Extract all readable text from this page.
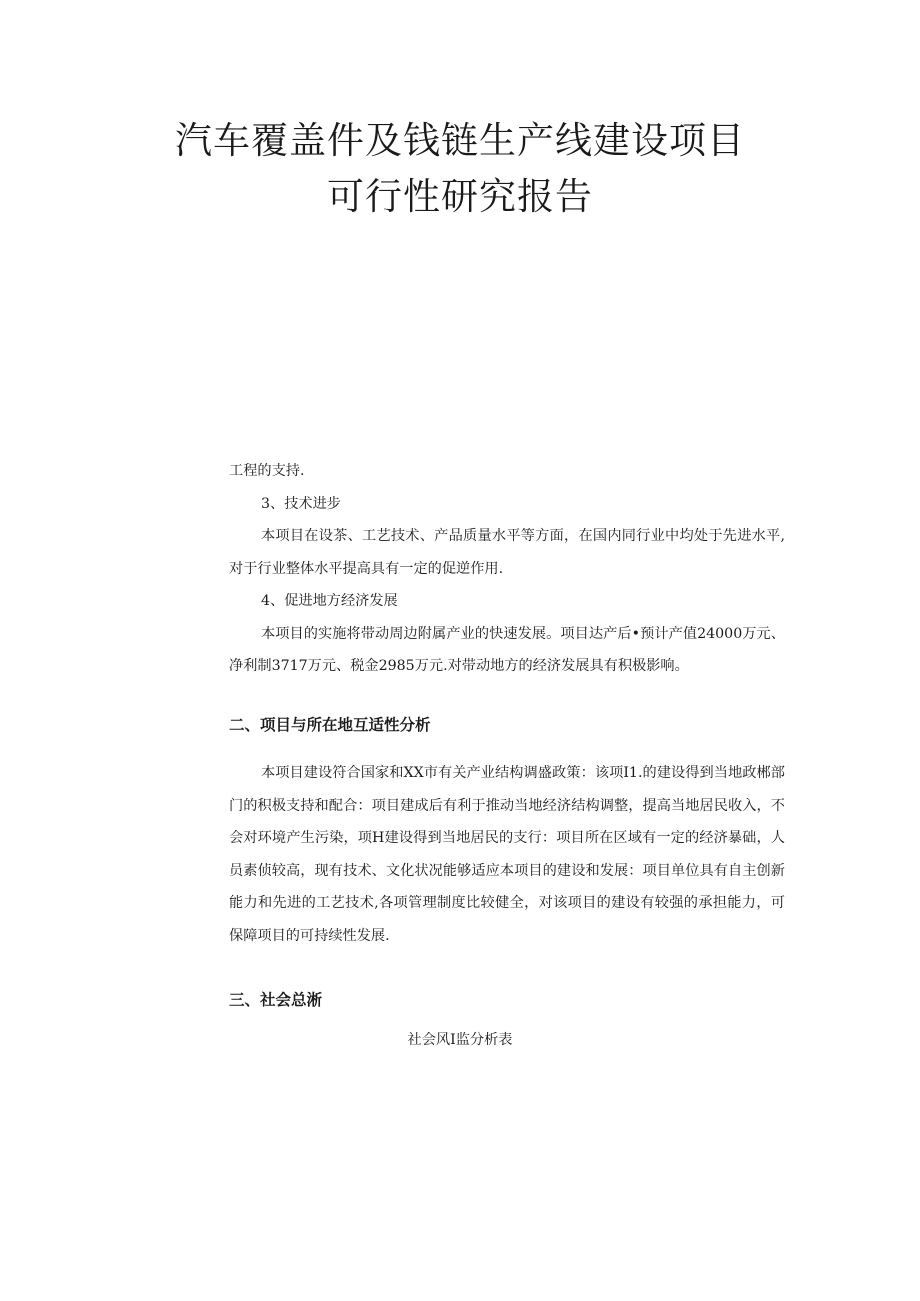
汽车覆盖件及钱链生产线建设项目
可行性研究报告

工程的支持.

3、技术进步

本项目在设茶、工艺技术、产品质量水平等方面，在国内同行业中均处于先进水平,对于行业整体水平提高具有一定的促逆作用.

4、促进地方经济发展

本项目的实施将带动周边附属产业的快速发展。项目达产后•预计产值24000万元、净利制3717万元、税金2985万元.对带动地方的经济发展具有积极影响。

二、项目与所在地互适性分析

本项目建设符合国家和XX市有关产业结构调盛政策：该项I1.的建设得到当地政郴部门的积极支持和配合：项目建成后有利于推动当地经济结构调整，提高当地居民收入，不会对环境产生污染，项H建设得到当地居民的支行：项目所在区域有一定的经济暴础，人员素侦较高，现有技术、文化状况能够适应本项目的建设和发展：项目单位具有自主创新能力和先进的工艺技术,各项管理制度比较健全，对该项目的建设有较强的承担能力，可保障项目的可持续性发展.

三、社会总淅
社会风I监分析表
